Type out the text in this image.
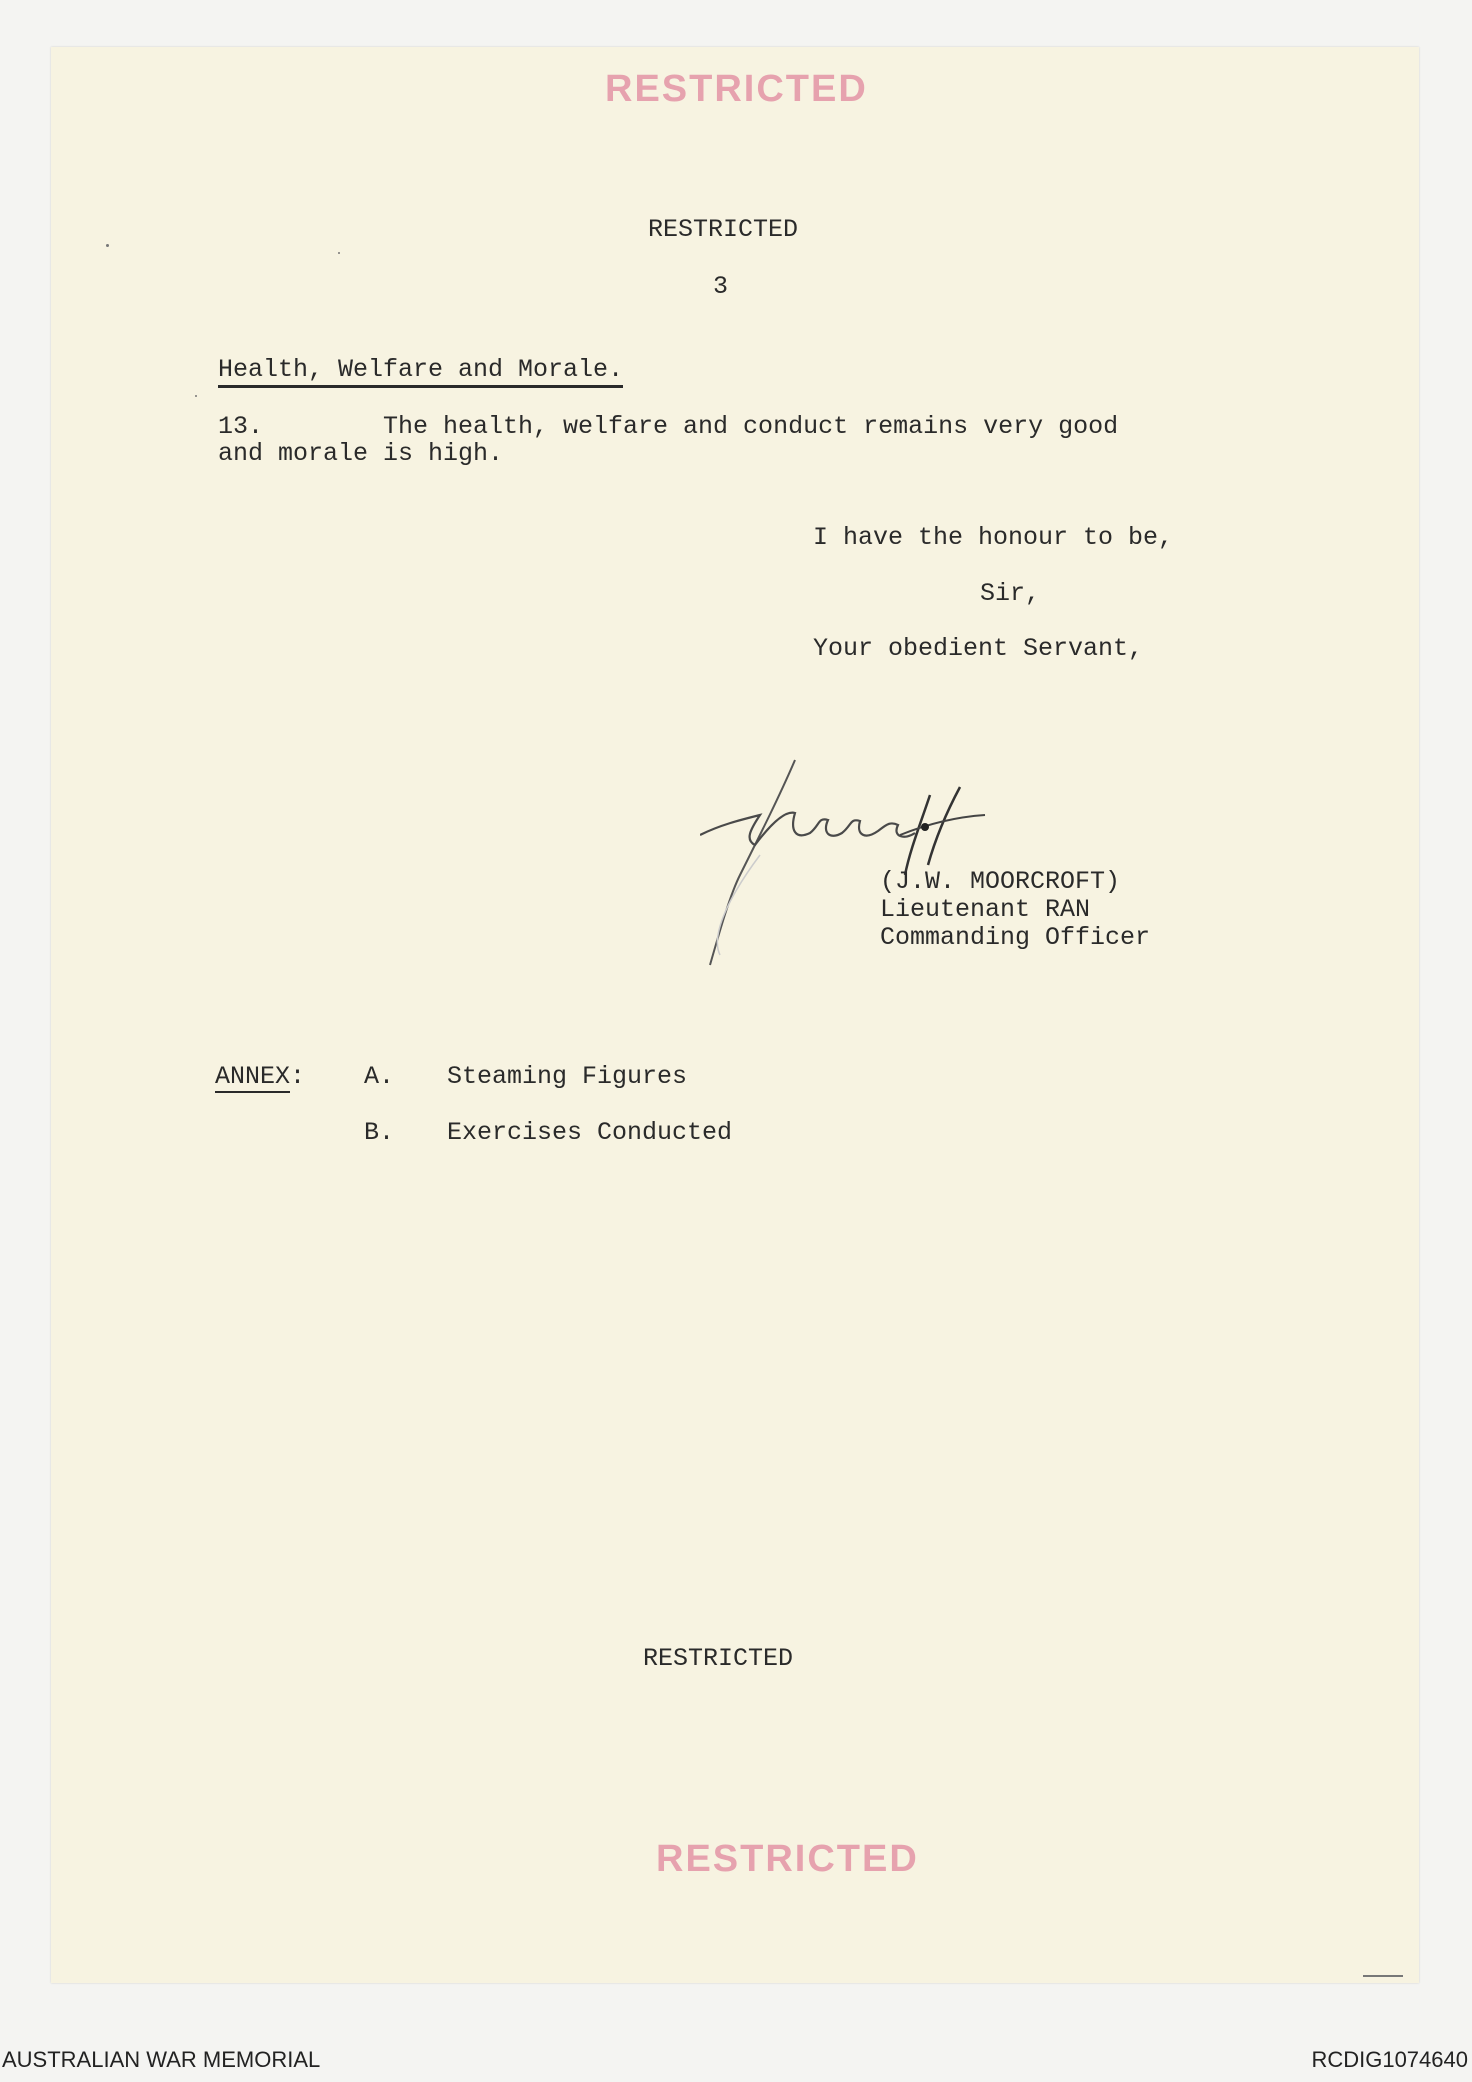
RESTRICTED
RESTRICTED
3
Health, Welfare and Morale.
13.	The health, welfare and conduct remains very good
and morale is high.
I have the honour to be,
Sir,
Your obedient Servant,
(J.W. MOORCROFT)
Lieutenant RAN
Commanding Officer
ANNEX : A. Steaming Figures
B. Exercises Conducted
RESTRICTED
RESTRICTED
AUSTRALIAN WAR MEMORIAL	RCDIG1074640
